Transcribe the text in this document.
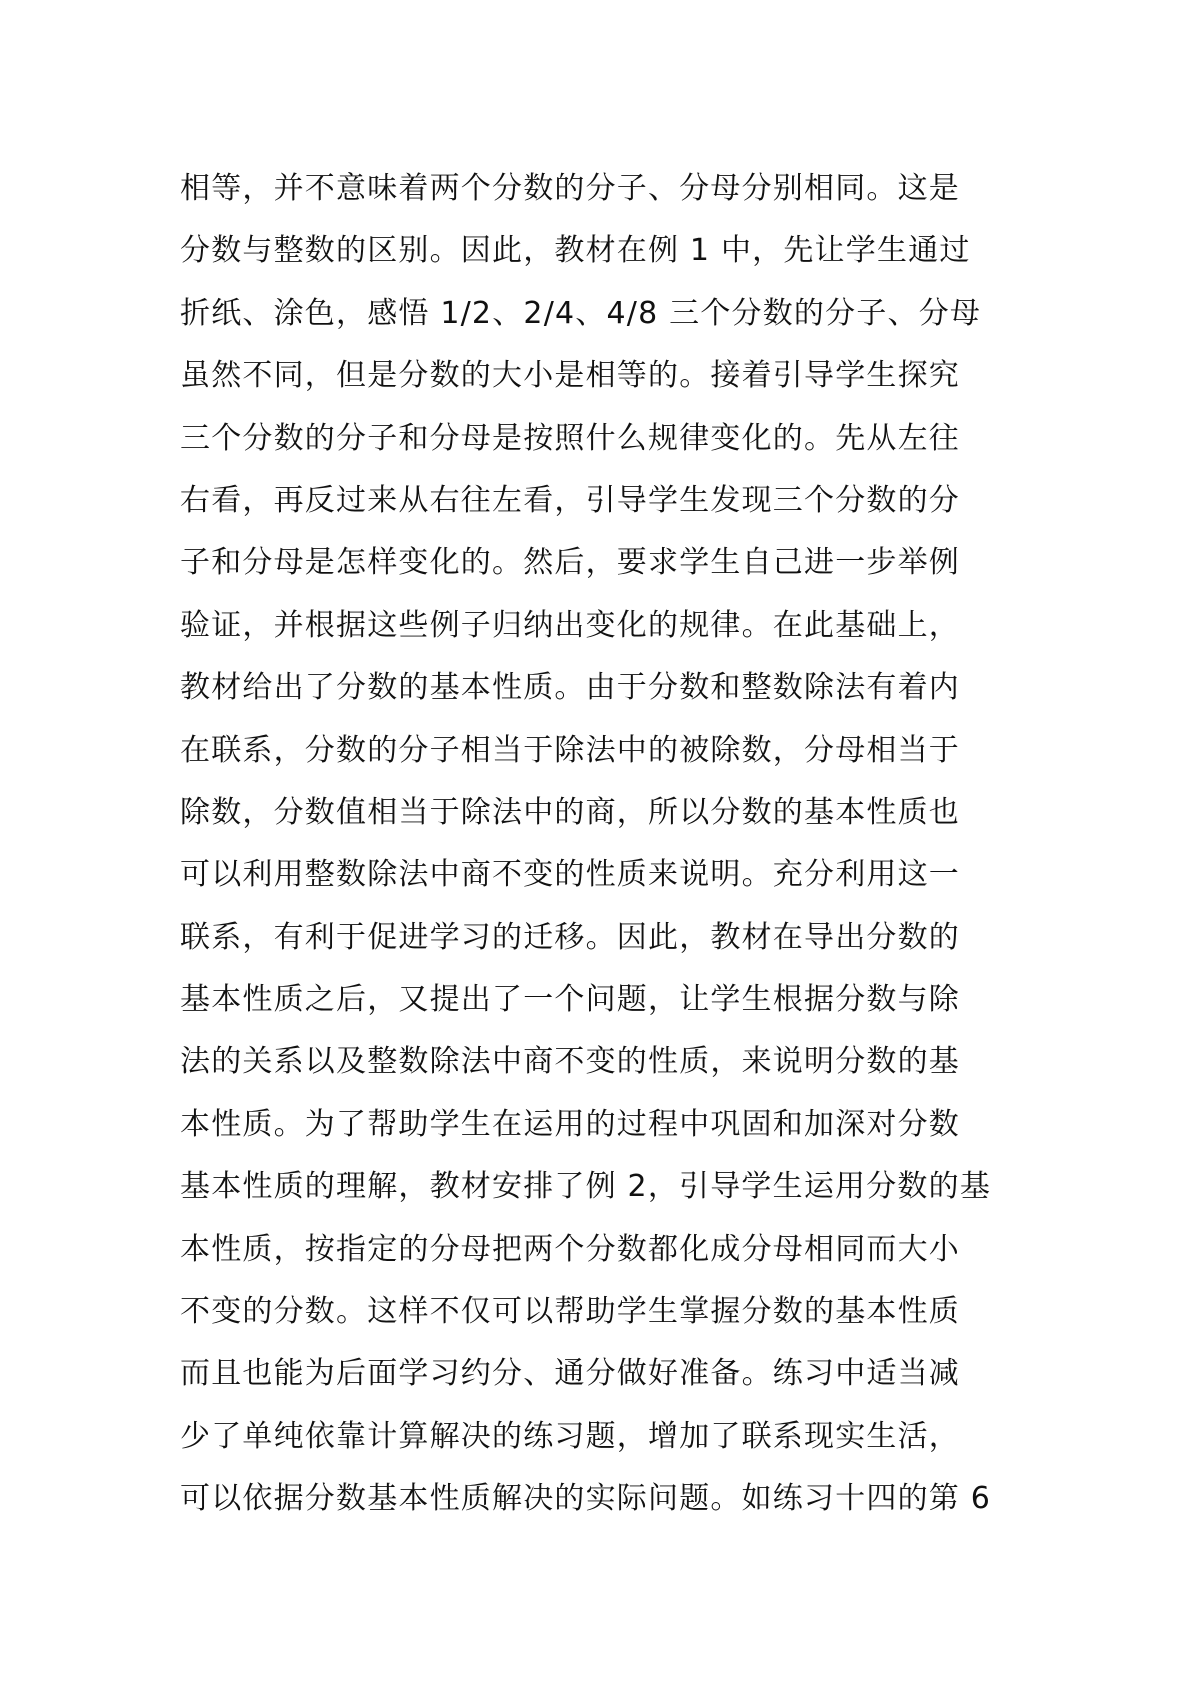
相等，并不意味着两个分数的分子、分母分别相同。这是
分数与整数的区别。因此，教材在例 1 中，先让学生通过
折纸、涂色，感悟 1/2、2/4、4/8 三个分数的分子、分母
虽然不同，但是分数的大小是相等的。接着引导学生探究
三个分数的分子和分母是按照什么规律变化的。先从左往
右看，再反过来从右往左看，引导学生发现三个分数的分
子和分母是怎样变化的。然后，要求学生自己进一步举例
验证，并根据这些例子归纳出变化的规律。在此基础上，
教材给出了分数的基本性质。由于分数和整数除法有着内
在联系，分数的分子相当于除法中的被除数，分母相当于
除数，分数值相当于除法中的商，所以分数的基本性质也
可以利用整数除法中商不变的性质来说明。充分利用这一
联系，有利于促进学习的迁移。因此，教材在导出分数的
基本性质之后，又提出了一个问题，让学生根据分数与除
法的关系以及整数除法中商不变的性质，来说明分数的基
本性质。为了帮助学生在运用的过程中巩固和加深对分数
基本性质的理解，教材安排了例 2，引导学生运用分数的基
本性质，按指定的分母把两个分数都化成分母相同而大小
不变的分数。这样不仅可以帮助学生掌握分数的基本性质
而且也能为后面学习约分、通分做好准备。练习中适当减
少了单纯依靠计算解决的练习题，增加了联系现实生活，
可以依据分数基本性质解决的实际问题。如练习十四的第 6
